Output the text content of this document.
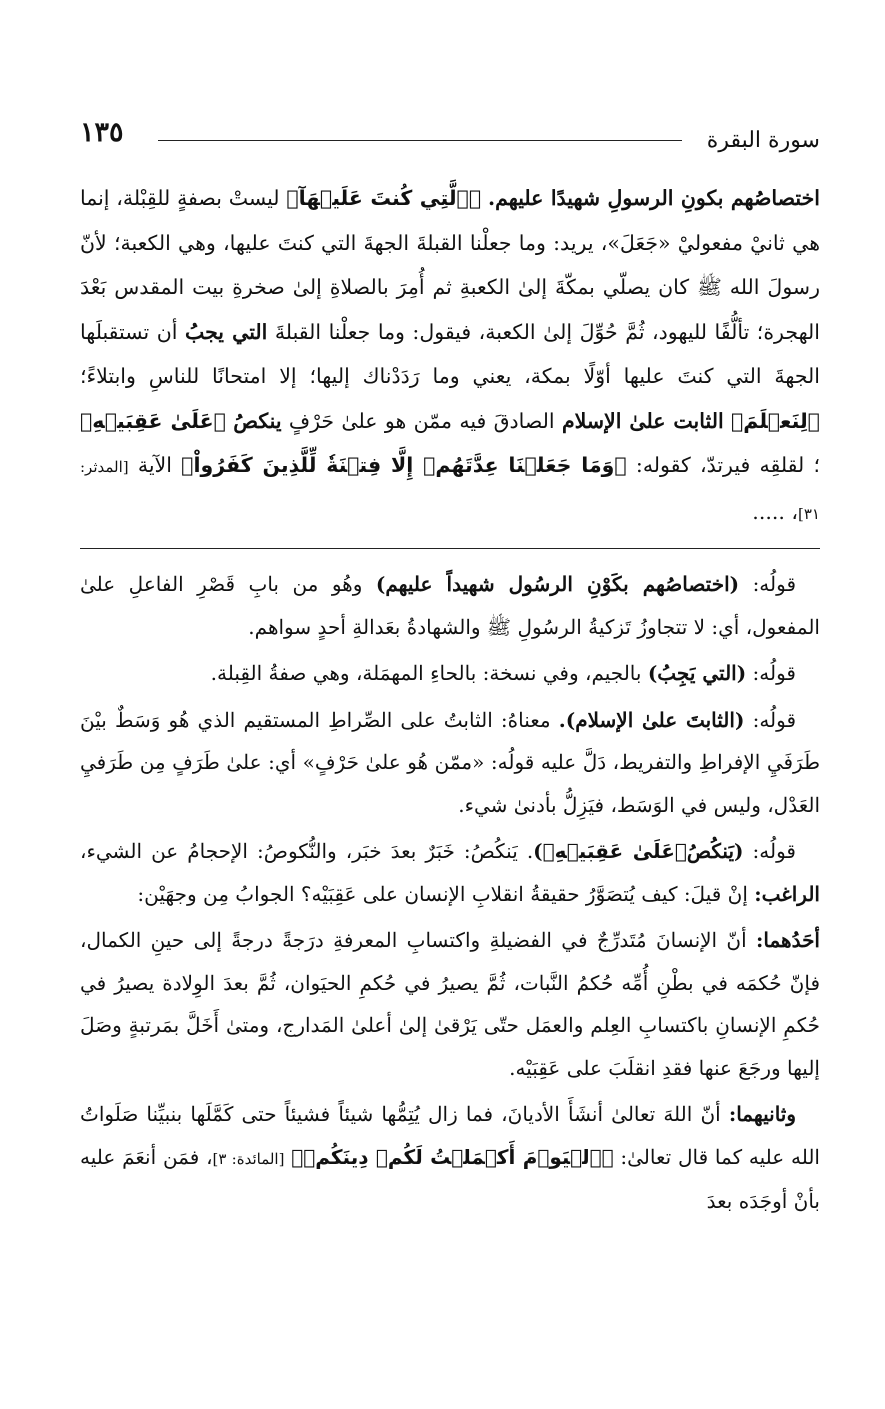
سورة البقرة
١٣٥

اختصاصُهم بكونِ الرسولِ شهيدًا عليهم. ﴿ٱلَّتِي كُنتَ عَلَيۡهَآ﴾ ليستْ بصفةٍ للقِبْلة، إنما هي ثانيْ مفعوليْ «جَعَلَ»، يريد: وما جعلْنا القبلةَ الجهةَ التي كنتَ عليها، وهي الكعبة؛ لأنّ رسولَ الله ﷺ كان يصلّي بمكّةَ إلىٰ الكعبةِ ثم أُمِرَ بالصلاةِ إلىٰ صخرةِ بيت المقدس بَعْدَ الهجرة؛ تألُّفًا لليهود، ثُمَّ حُوِّلَ إلىٰ الكعبة، فيقول: وما جعلْنا القبلةَ التي يجبُ أن تستقبلَها الجهةَ التي كنتَ عليها أوّلًا بمكة، يعني وما رَدَدْناك إليها؛ إلا امتحانًا للناسِ وابتلاءً؛ ﴿لِنَعۡلَمَ﴾ الثابت علىٰ الإسلام الصادقَ فيه ممّن هو علىٰ حَرْفٍ ينكصُ ﴿عَلَىٰ عَقِبَيۡهِ﴾ ؛ لقلقِه فيرتدّ، كقوله: ﴿وَمَا جَعَلۡنَا عِدَّتَهُمۡ إِلَّا فِتۡنَةٗ لِّلَّذِينَ كَفَرُواْ﴾ الآية [المدثر: ٣١]، .....

قولُه: (اختصاصُهم بكَوْنِ الرسُول شهيداً عليهم) وهُو من بابِ قَصْرِ الفاعلِ علىٰ المفعول، أي: لا تتجاوزُ تَزكيةُ الرسُولِ ﷺ والشهادةُ بعَدالةِ أحدٍ سواهم.

قولُه: (التي يَجِبُ) بالجيم، وفي نسخة: بالحاءِ المهمَلة، وهي صفةُ القِبلة.

قولُه: (الثابتَ علىٰ الإسلام). معناهُ: الثابتُ على الصِّراطِ المستقيم الذي هُو وَسَطٌ بيْنَ طَرَفَيِ الإفراطِ والتفريط، دَلَّ عليه قولُه: «ممّن هُو علىٰ حَرْفٍ» أي: علىٰ طَرَفٍ مِن طَرَفيِ العَدْل، وليس في الوَسَط، فيَزِلُّ بأدنىٰ شيء.

قولُه: (يَنكُصُ﴿عَلَىٰ عَقِبَيۡهِ﴾). يَنكُصُ: خَبَرٌ بعدَ خبَر، والنُّكوصُ: الإحجامُ عن الشيء، الراغب: إنْ قيلَ: كيف يُتصَوَّرُ حقيقةُ انقلابِ الإنسان على عَقِبَيْه؟ الجوابُ مِن وجهَيْن:

أحَدُهما: أنّ الإنسانَ مُتَدرِّجٌ في الفضيلةِ واكتسابِ المعرفةِ درَجةً درجةً إلى حينِ الكمال، فإنّ حُكمَه في بطْنِ أُمِّه حُكمُ النَّبات، ثُمَّ يصيرُ في حُكمِ الحيَوان، ثُمَّ بعدَ الوِلادة يصيرُ في حُكمِ الإنسانِ باكتسابِ العِلم والعمَل حتّى يَرْقىٰ إلىٰ أعلىٰ المَدارج، ومتىٰ أَخَلَّ بمَرتبةٍ وصَلَ إليها ورجَعَ عنها فقدِ انقلَبَ على عَقِبَيْه.

وثانيهما: أنّ اللهَ تعالىٰ أنشَأَ الأديانَ، فما زال يُتِمُّها شيئاً فشيئاً حتى كَمَّلَها بنبيِّنا صَلَواتُ الله عليه كما قال تعالىٰ: ﴿ٱلۡيَوۡمَ أَكۡمَلۡتُ لَكُمۡ دِينَكُمۡ﴾ [المائدة: ٣]، فمَن أنعَمَ عليه بأنْ أوجَدَه بعدَ
